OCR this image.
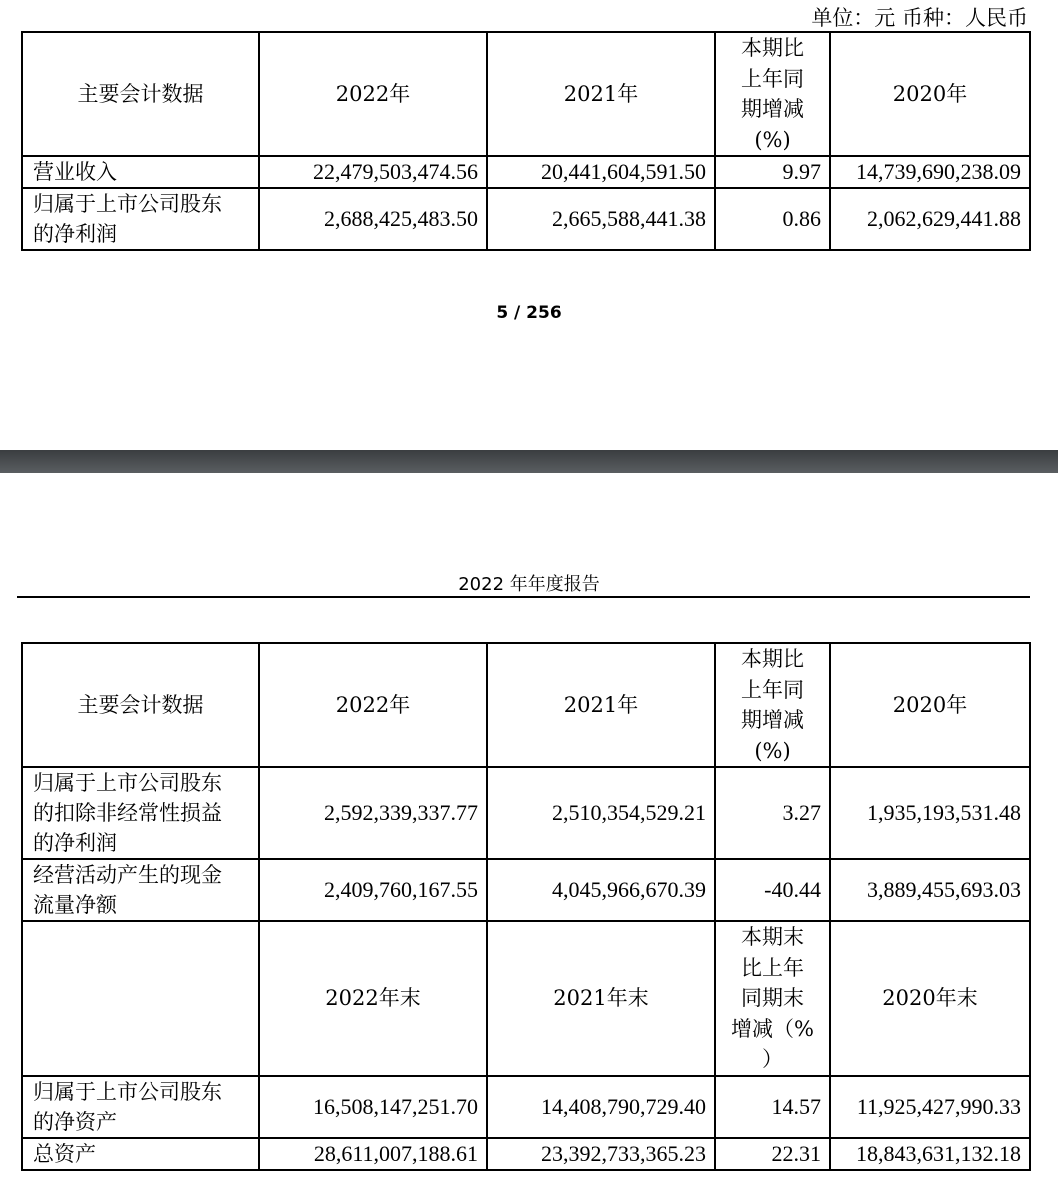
单位：元 币种：人民币
主要会计数据	2022年	2021年	本期比
上年同
期增减
(%)	2020年

营业收入	22,479,503,474.56	20,441,604,591.50	9.97	14,739,690,238.09

归属于上市公司股东
的净利润	2,688,425,483.50	2,665,588,441.38	0.86	2,062,629,441.88
5 / 256
2022 年年度报告
主要会计数据	2022年	2021年	本期比
上年同
期增减
(%)	2020年

归属于上市公司股东
的扣除非经常性损益
的净利润	2,592,339,337.77	2,510,354,529.21	3.27	1,935,193,531.48

经营活动产生的现金
流量净额	2,409,760,167.55	4,045,966,670.39	-40.44	3,889,455,693.03
	2022年末	2021年末	本期末
比上年
同期末
增减（%
）	2020年末

归属于上市公司股东
的净资产	16,508,147,251.70	14,408,790,729.40	14.57	11,925,427,990.33

总资产	28,611,007,188.61	23,392,733,365.23	22.31	18,843,631,132.18
